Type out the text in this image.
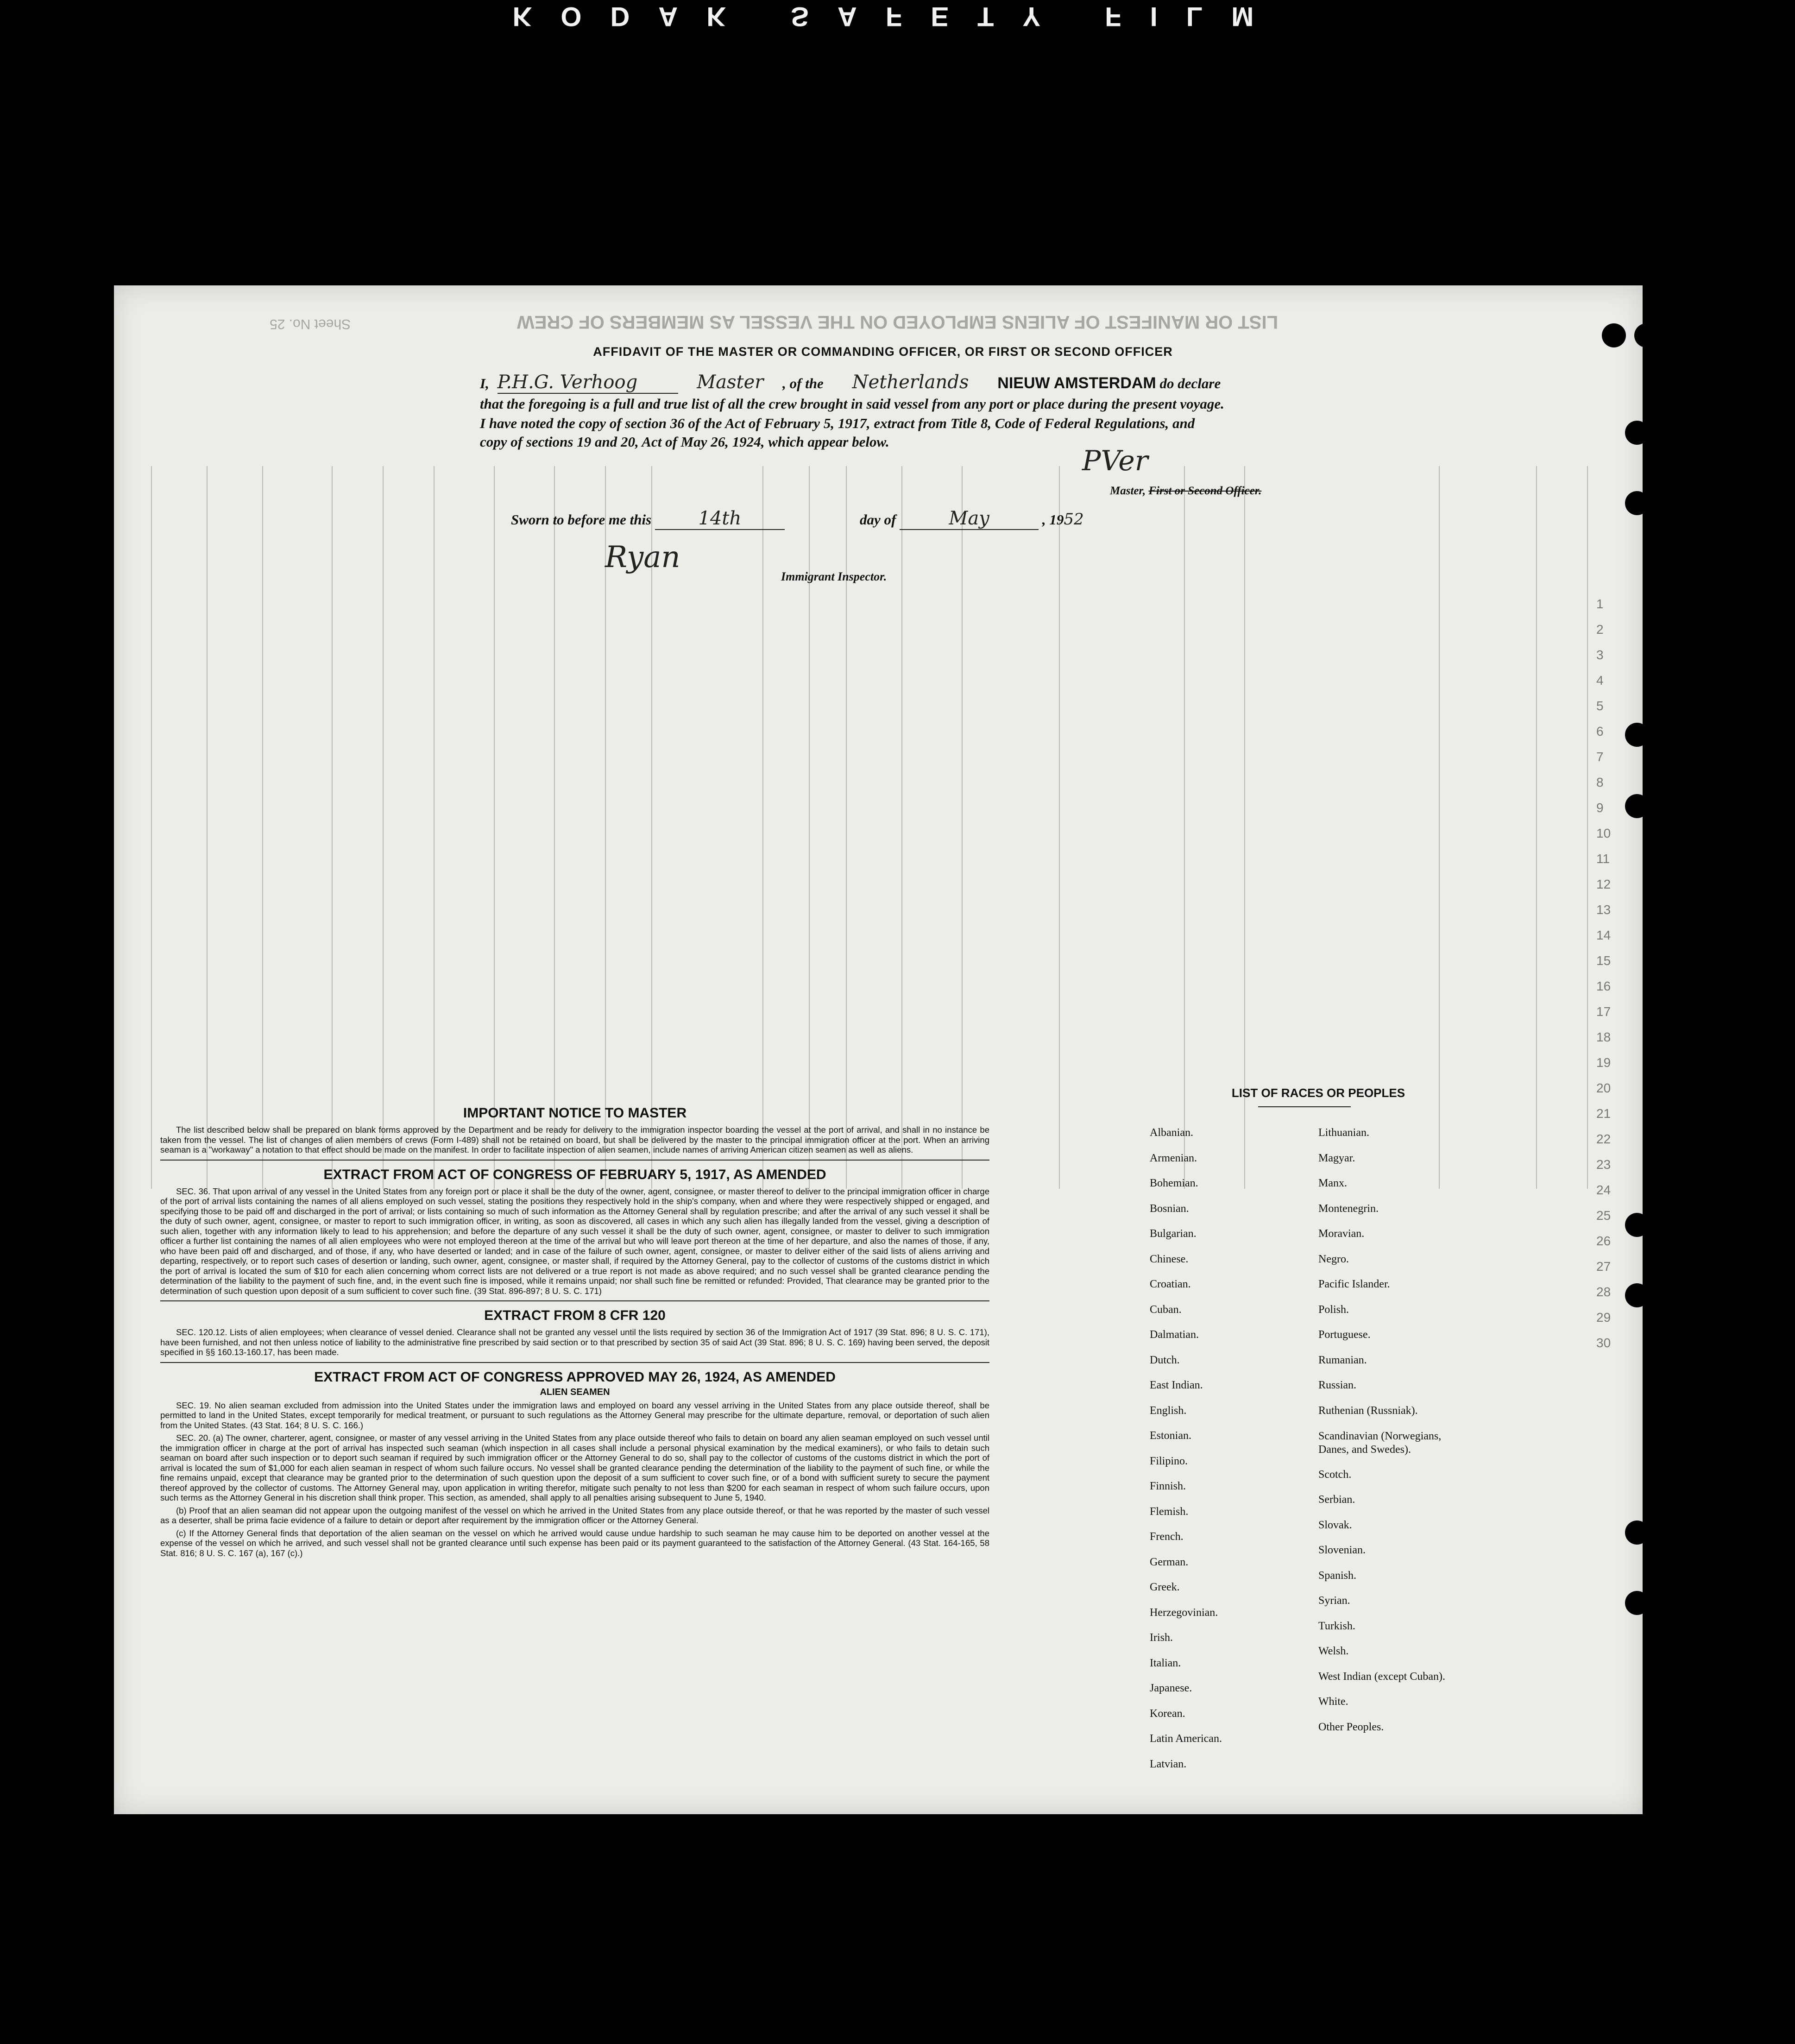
KODAK SAFETY FILM
LIST OR MANIFEST OF ALIENS EMPLOYED ON THE VESSEL AS MEMBERS OF CREW
Sheet No. 25
1
2
3
4
5
6
7
8
9
10
11
12
13
14
15
16
17
18
19
20
21
22
23
24
25
26
27
28
29
30
AFFIDAVIT OF THE MASTER OR COMMANDING OFFICER, OR FIRST OR SECOND OFFICER
I, P.H.G. Verhoog	Master , of the Netherlands NIEUW AMSTERDAM do declare
that the foregoing is a full and true list of all the crew brought in said vessel from any port or place during the present voyage.
I have noted the copy of section 36 of the Act of February 5, 1917, extract from Title 8, Code of Federal Regulations, and
copy of sections 19 and 20, Act of May 26, 1924, which appear below.
PVer
Master, First or Second Officer.
Sworn to before me this	14th	day of	May	, 1952
Ryan
Immigrant Inspector.
IMPORTANT NOTICE TO MASTER

The list described below shall be prepared on blank forms approved by the Department and be ready for delivery to the immigration inspector boarding the vessel at the port of arrival, and shall in no instance be taken from the vessel. The list of changes of alien members of crews (Form I-489) shall not be retained on board, but shall be delivered by the master to the principal immigration officer at the port. When an arriving seaman is a "workaway" a notation to that effect should be made on the manifest. In order to facilitate inspection of alien seamen, include names of arriving American citizen seamen as well as aliens.

EXTRACT FROM ACT OF CONGRESS OF FEBRUARY 5, 1917, AS AMENDED

SEC. 36. That upon arrival of any vessel in the United States from any foreign port or place it shall be the duty of the owner, agent, consignee, or master thereof to deliver to the principal immigration officer in charge of the port of arrival lists containing the names of all aliens employed on such vessel, stating the positions they respectively hold in the ship's company, when and where they were respectively shipped or engaged, and specifying those to be paid off and discharged in the port of arrival; or lists containing so much of such information as the Attorney General shall by regulation prescribe; and after the arrival of any such vessel it shall be the duty of such owner, agent, consignee, or master to report to such immigration officer, in writing, as soon as discovered, all cases in which any such alien has illegally landed from the vessel, giving a description of such alien, together with any information likely to lead to his apprehension; and before the departure of any such vessel it shall be the duty of such owner, agent, consignee, or master to deliver to such immigration officer a further list containing the names of all alien employees who were not employed thereon at the time of the arrival but who will leave port thereon at the time of her departure, and also the names of those, if any, who have been paid off and discharged, and of those, if any, who have deserted or landed; and in case of the failure of such owner, agent, consignee, or master to deliver either of the said lists of aliens arriving and departing, respectively, or to report such cases of desertion or landing, such owner, agent, consignee, or master shall, if required by the Attorney General, pay to the collector of customs of the customs district in which the port of arrival is located the sum of $10 for each alien concerning whom correct lists are not delivered or a true report is not made as above required; and no such vessel shall be granted clearance pending the determination of the liability to the payment of such fine, and, in the event such fine is imposed, while it remains unpaid; nor shall such fine be remitted or refunded: Provided, That clearance may be granted prior to the determination of such question upon deposit of a sum sufficient to cover such fine. (39 Stat. 896-897; 8 U. S. C. 171)

EXTRACT FROM 8 CFR 120

SEC. 120.12. Lists of alien employees; when clearance of vessel denied. Clearance shall not be granted any vessel until the lists required by section 36 of the Immigration Act of 1917 (39 Stat. 896; 8 U. S. C. 171), have been furnished, and not then unless notice of liability to the administrative fine prescribed by said section or to that prescribed by section 35 of said Act (39 Stat. 896; 8 U. S. C. 169) having been served, the deposit specified in §§ 160.13-160.17, has been made.

EXTRACT FROM ACT OF CONGRESS APPROVED MAY 26, 1924, AS AMENDED
ALIEN SEAMEN

SEC. 19. No alien seaman excluded from admission into the United States under the immigration laws and employed on board any vessel arriving in the United States from any place outside thereof, shall be permitted to land in the United States, except temporarily for medical treatment, or pursuant to such regulations as the Attorney General may prescribe for the ultimate departure, removal, or deportation of such alien from the United States. (43 Stat. 164; 8 U. S. C. 166.)

SEC. 20. (a) The owner, charterer, agent, consignee, or master of any vessel arriving in the United States from any place outside thereof who fails to detain on board any alien seaman employed on such vessel until the immigration officer in charge at the port of arrival has inspected such seaman (which inspection in all cases shall include a personal physical examination by the medical examiners), or who fails to detain such seaman on board after such inspection or to deport such seaman if required by such immigration officer or the Attorney General to do so, shall pay to the collector of customs of the customs district in which the port of arrival is located the sum of $1,000 for each alien seaman in respect of whom such failure occurs. No vessel shall be granted clearance pending the determination of the liability to the payment of such fine, or while the fine remains unpaid, except that clearance may be granted prior to the determination of such question upon the deposit of a sum sufficient to cover such fine, or of a bond with sufficient surety to secure the payment thereof approved by the collector of customs. The Attorney General may, upon application in writing therefor, mitigate such penalty to not less than $200 for each seaman in respect of whom such failure occurs, upon such terms as the Attorney General in his discretion shall think proper. This section, as amended, shall apply to all penalties arising subsequent to June 5, 1940.

(b) Proof that an alien seaman did not appear upon the outgoing manifest of the vessel on which he arrived in the United States from any place outside thereof, or that he was reported by the master of such vessel as a deserter, shall be prima facie evidence of a failure to detain or deport after requirement by the immigration officer or the Attorney General.

(c) If the Attorney General finds that deportation of the alien seaman on the vessel on which he arrived would cause undue hardship to such seaman he may cause him to be deported on another vessel at the expense of the vessel on which he arrived, and such vessel shall not be granted clearance until such expense has been paid or its payment guaranteed to the satisfaction of the Attorney General. (43 Stat. 164-165, 58 Stat. 816; 8 U. S. C. 167 (a), 167 (c).)

LIST OF RACES OR PEOPLES
Albanian.
Armenian.
Bohemian.
Bosnian.
Bulgarian.
Chinese.
Croatian.
Cuban.
Dalmatian.
Dutch.
East Indian.
English.
Estonian.
Filipino.
Finnish.
Flemish.
French.
German.
Greek.
Herzegovinian.
Irish.
Italian.
Japanese.
Korean.
Latin American.
Latvian.
Lithuanian.
Magyar.
Manx.
Montenegrin.
Moravian.
Negro.
Pacific Islander.
Polish.
Portuguese.
Rumanian.
Russian.
Ruthenian (Russniak).
Scandinavian (Norwegians, Danes, and Swedes).
Scotch.
Serbian.
Slovak.
Slovenian.
Spanish.
Syrian.
Turkish.
Welsh.
West Indian (except Cuban).
White.
Other Peoples.
